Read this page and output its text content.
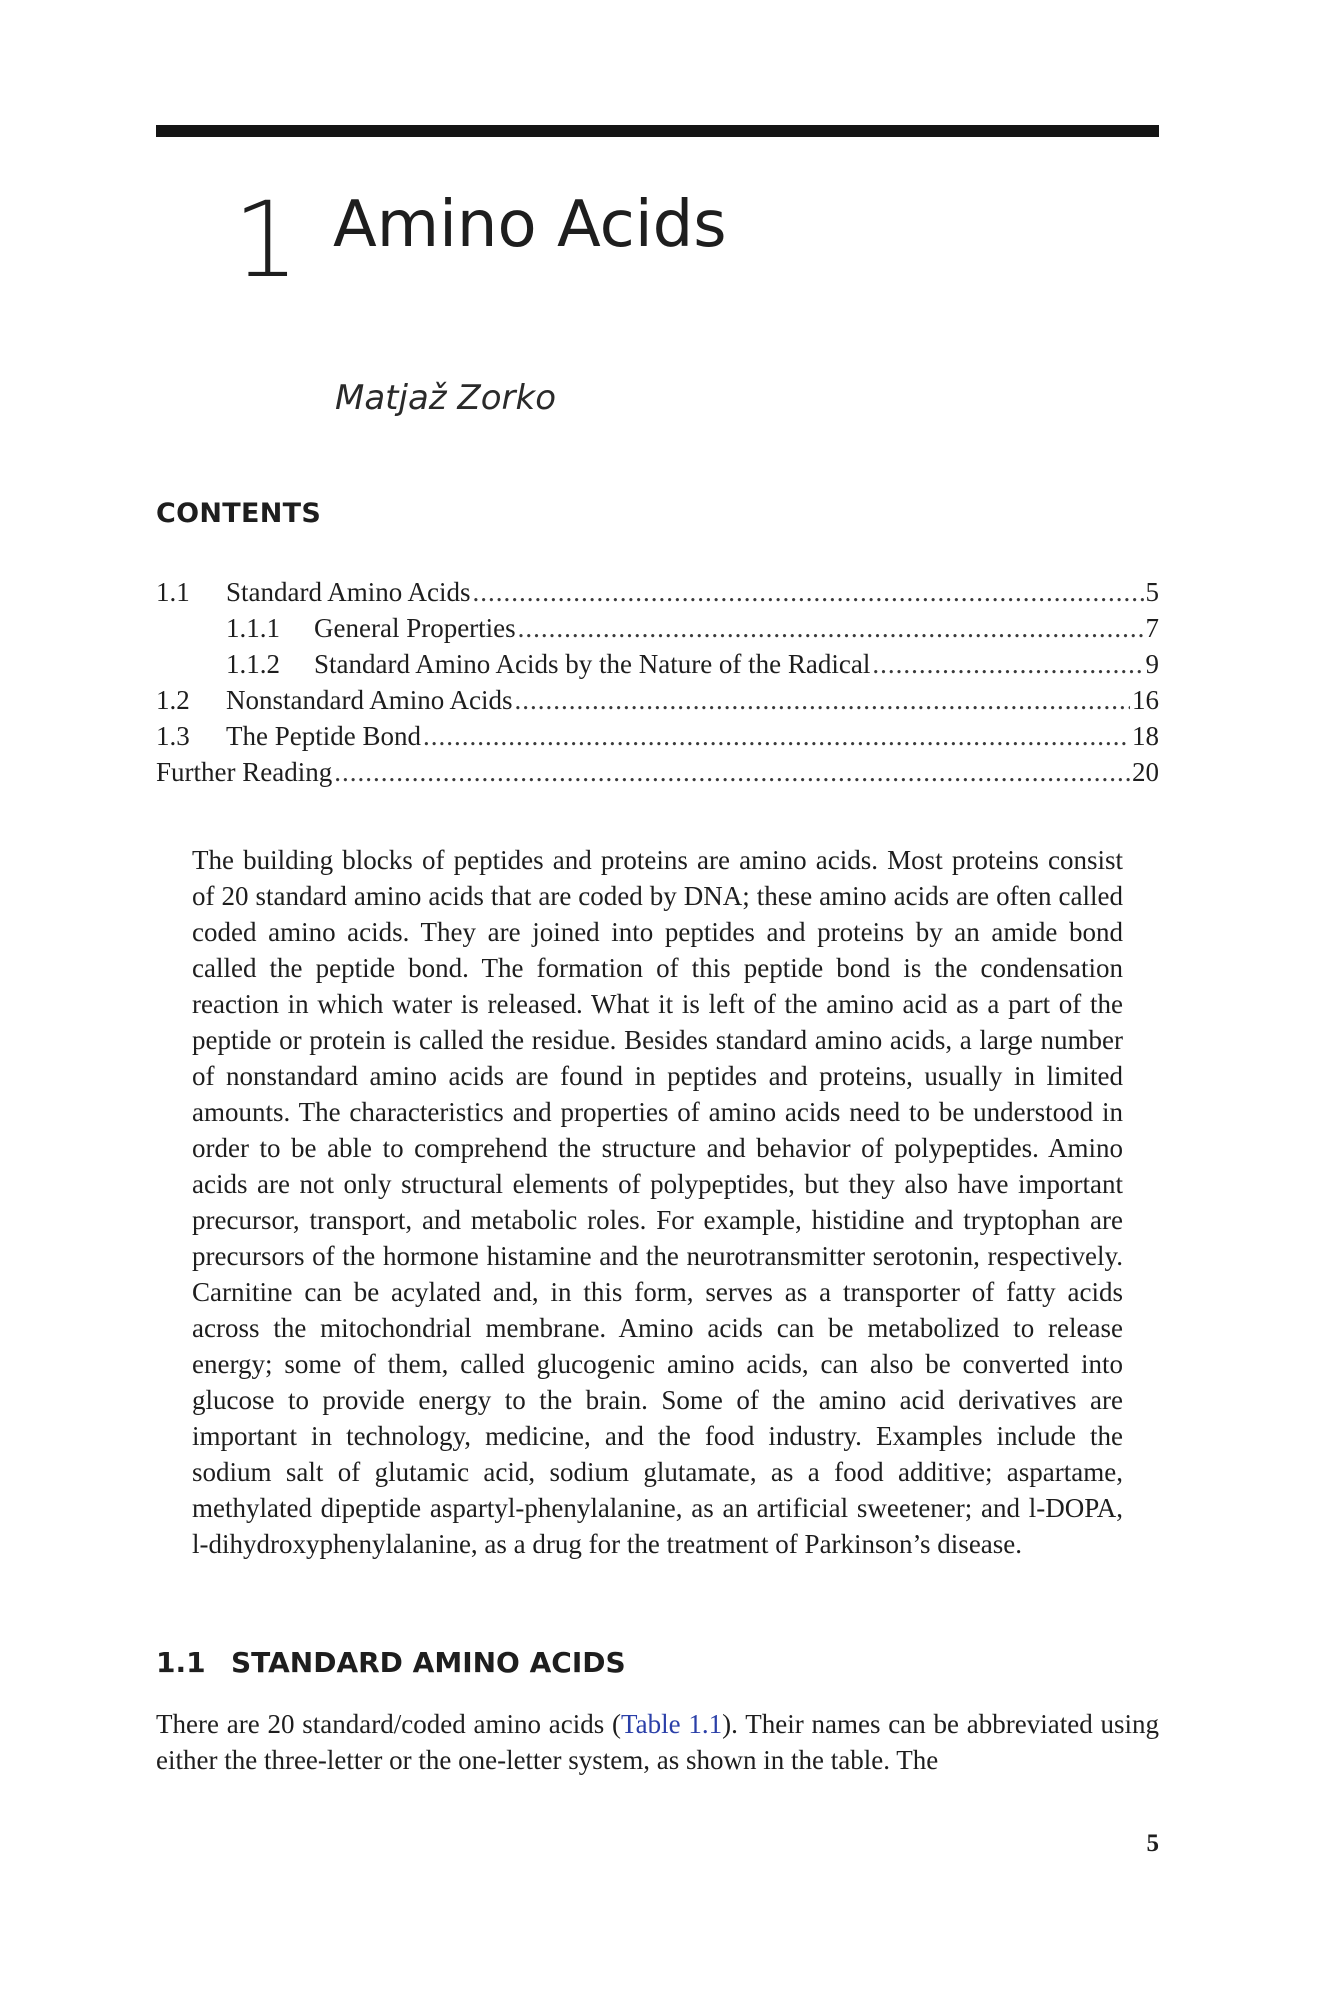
1 Amino Acids
Matjaž Zorko
CONTENTS
1.1	Standard Amino Acids .....	5
1.1.1	General Properties .....	7
1.1.2	Standard Amino Acids by the Nature of the Radical .....	9
1.2	Nonstandard Amino Acids .....	16
1.3	The Peptide Bond .....	18
Further Reading .....	20

The building blocks of peptides and proteins are amino acids. Most proteins consist of 20 standard amino acids that are coded by DNA; these amino acids are often called coded amino acids. They are joined into peptides and proteins by an amide bond called the peptide bond. The formation of this peptide bond is the condensation reaction in which water is released. What it is left of the amino acid as a part of the peptide or protein is called the residue. Besides standard amino acids, a large number of nonstandard amino acids are found in peptides and proteins, usually in limited amounts. The characteristics and properties of amino acids need to be understood in order to be able to comprehend the structure and behavior of polypeptides. Amino acids are not only structural elements of polypeptides, but they also have important precursor, transport, and metabolic roles. For example, histidine and tryptophan are precursors of the hormone histamine and the neurotransmitter serotonin, respectively. Carnitine can be acylated and, in this form, serves as a transporter of fatty acids across the mitochondrial membrane. Amino acids can be metabolized to release energy; some of them, called glucogenic amino acids, can also be converted into glucose to provide energy to the brain. Some of the amino acid derivatives are important in technology, medicine, and the food industry. Examples include the sodium salt of glutamic acid, sodium glutamate, as a food additive; aspartame, methylated dipeptide aspartyl-phenylalanine, as an artificial sweetener; and l-DOPA, l-dihydroxyphenylalanine, as a drug for the treatment of Parkinson’s disease.

1.1 STANDARD AMINO ACIDS

There are 20 standard/coded amino acids (Table 1.1). Their names can be abbreviated using either the three-letter or the one-letter system, as shown in the table. The

5
